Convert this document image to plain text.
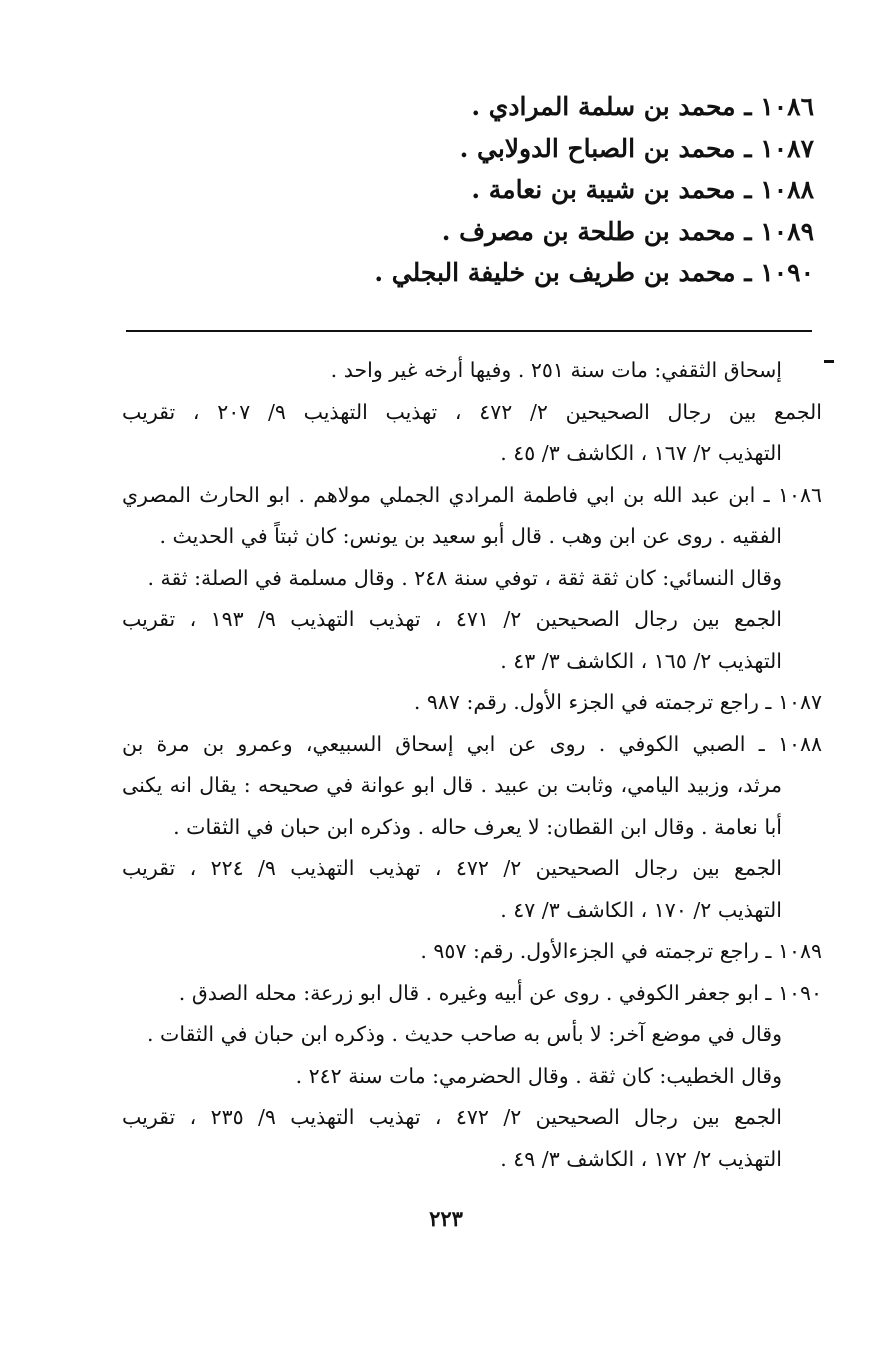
١٠٨٦ ـ محمد بن سلمة المرادي .
١٠٨٧ ـ محمد بن الصباح الدولابي .
١٠٨٨ ـ محمد بن شيبة بن نعامة .
١٠٨٩ ـ محمد بن طلحة بن مصرف .
١٠٩٠ ـ محمد بن طريف بن خليفة البجلي .
إسحاق الثقفي: مات سنة ٢٥١ . وفيها أرخه غير واحد .
الجمع بين رجال الصحيحين ٢/ ٤٧٢ ، تهذيب التهذيب ٩/ ٢٠٧ ، تقريب
التهذيب ٢/ ١٦٧ ، الكاشف ٣/ ٤٥ .
١٠٨٦ ـ ابن عبد الله بن ابي فاطمة المرادي الجملي مولاهم . ابو الحارث المصري
الفقيه . روى عن ابن وهب . قال أبو سعيد بن يونس: كان ثبتاً في الحديث .
وقال النسائي: كان ثقة ثقة ، توفي سنة ٢٤٨ . وقال مسلمة في الصلة: ثقة .
الجمع بين رجال الصحيحين ٢/ ٤٧١ ، تهذيب التهذيب ٩/ ١٩٣ ، تقريب
التهذيب ٢/ ١٦٥ ، الكاشف ٣/ ٤٣ .
١٠٨٧ ـ راجع ترجمته في الجزء الأول. رقم: ٩٨٧ .
١٠٨٨ ـ الصبي الكوفي . روى عن ابي إسحاق السبيعي، وعمرو بن مرة بن
مرثد، وزبيد اليامي، وثابت بن عبيد . قال ابو عوانة في صحيحه : يقال انه يكنى
أبا نعامة . وقال ابن القطان: لا يعرف حاله . وذكره ابن حبان في الثقات .
الجمع بين رجال الصحيحين ٢/ ٤٧٢ ، تهذيب التهذيب ٩/ ٢٢٤ ، تقريب
التهذيب ٢/ ١٧٠ ، الكاشف ٣/ ٤٧ .
١٠٨٩ ـ راجع ترجمته في الجزءالأول. رقم: ٩٥٧ .
١٠٩٠ ـ ابو جعفر الكوفي . روى عن أبيه وغيره . قال ابو زرعة: محله الصدق .
وقال في موضع آخر: لا بأس به صاحب حديث . وذكره ابن حبان في الثقات .
وقال الخطيب: كان ثقة . وقال الحضرمي: مات سنة ٢٤٢ .
الجمع بين رجال الصحيحين ٢/ ٤٧٢ ، تهذيب التهذيب ٩/ ٢٣٥ ، تقريب
التهذيب ٢/ ١٧٢ ، الكاشف ٣/ ٤٩ .
٢٢٣
